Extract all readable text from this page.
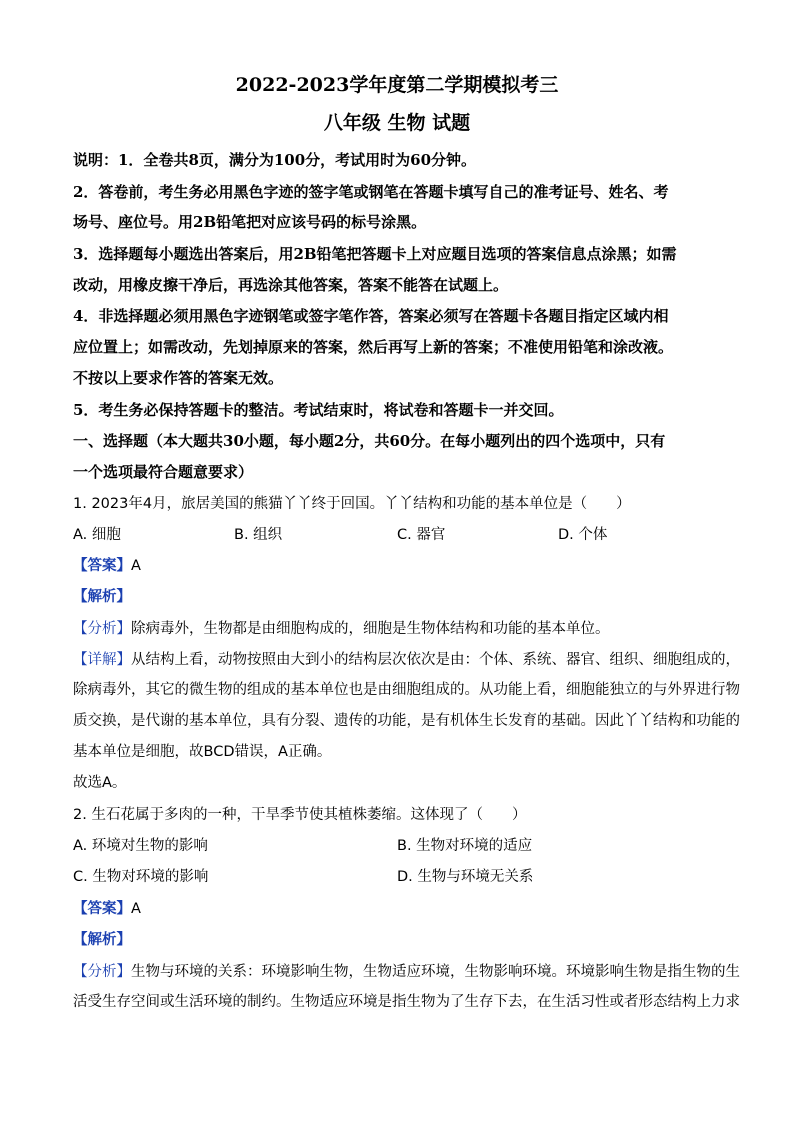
2022-2023学年度第二学期模拟考三
八年级 生物 试题
说明：1．全卷共8页，满分为100分，考试用时为60分钟。
2．答卷前，考生务必用黑色字迹的签字笔或钢笔在答题卡填写自己的准考证号、姓名、考
场号、座位号。用2B铅笔把对应该号码的标号涂黑。
3．选择题每小题选出答案后，用2B铅笔把答题卡上对应题目选项的答案信息点涂黑；如需
改动，用橡皮擦干净后，再选涂其他答案，答案不能答在试题上。
4．非选择题必须用黑色字迹钢笔或签字笔作答，答案必须写在答题卡各题目指定区域内相
应位置上；如需改动，先划掉原来的答案，然后再写上新的答案；不准使用铅笔和涂改液。
不按以上要求作答的答案无效。
5．考生务必保持答题卡的整洁。考试结束时，将试卷和答题卡一并交回。
一、选择题（本大题共30小题，每小题2分，共60分。在每小题列出的四个选项中，只有
一个选项最符合题意要求）
1. 2023年4月，旅居美国的熊猫丫丫终于回国。丫丫结构和功能的基本单位是（　　）
A. 细胞	B. 组织	C. 器官	D. 个体
【答案】A
【解析】
【分析】除病毒外，生物都是由细胞构成的，细胞是生物体结构和功能的基本单位。
【详解】从结构上看，动物按照由大到小的结构层次依次是由：个体、系统、器官、组织、细胞组成的，
除病毒外，其它的微生物的组成的基本单位也是由细胞组成的。从功能上看，细胞能独立的与外界进行物
质交换，是代谢的基本单位，具有分裂、遗传的功能，是有机体生长发育的基础。因此丫丫结构和功能的
基本单位是细胞，故BCD错误，A正确。
故选A。
2. 生石花属于多肉的一种，干旱季节使其植株萎缩。这体现了（　　）
A. 环境对生物的影响	B. 生物对环境的适应
C. 生物对环境的影响	D. 生物与环境无关系
【答案】A
【解析】
【分析】生物与环境的关系：环境影响生物，生物适应环境，生物影响环境。环境影响生物是指生物的生
活受生存空间或生活环境的制约。生物适应环境是指生物为了生存下去，在生活习性或者形态结构上力求
